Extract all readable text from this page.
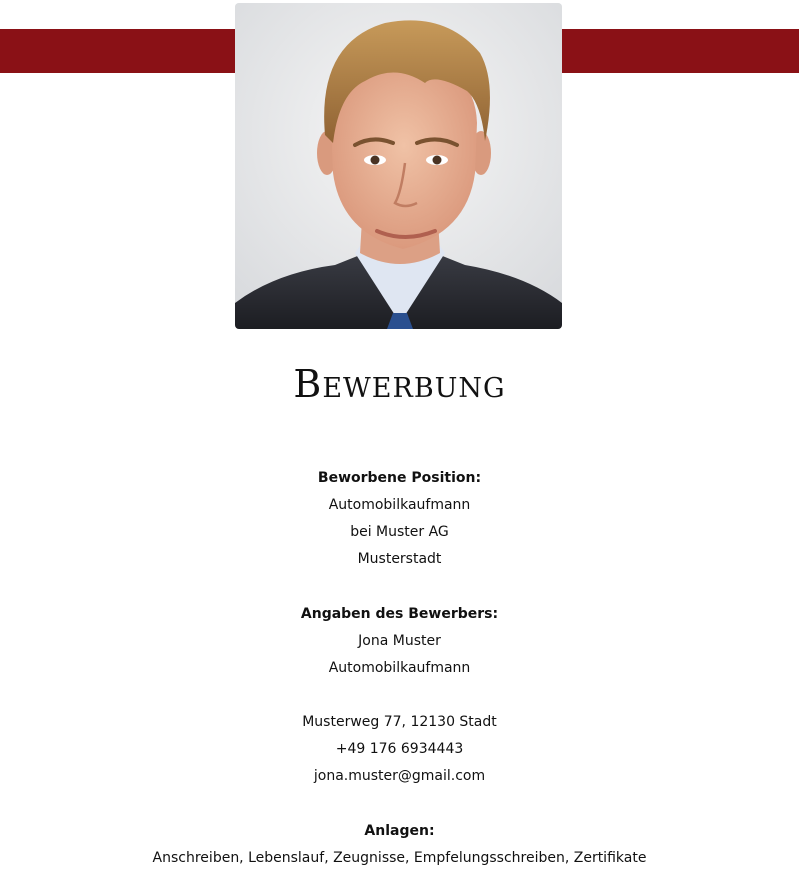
Bewerbung
Beworbene Position:
Automobilkaufmann
bei Muster AG
Musterstadt
Angaben des Bewerbers:
Jona Muster
Automobilkaufmann
Musterweg 77, 12130 Stadt
+49 176 6934443
jona.muster@gmail.com
Anlagen:
Anschreiben, Lebenslauf, Zeugnisse, Empfelungsschreiben, Zertifikate
